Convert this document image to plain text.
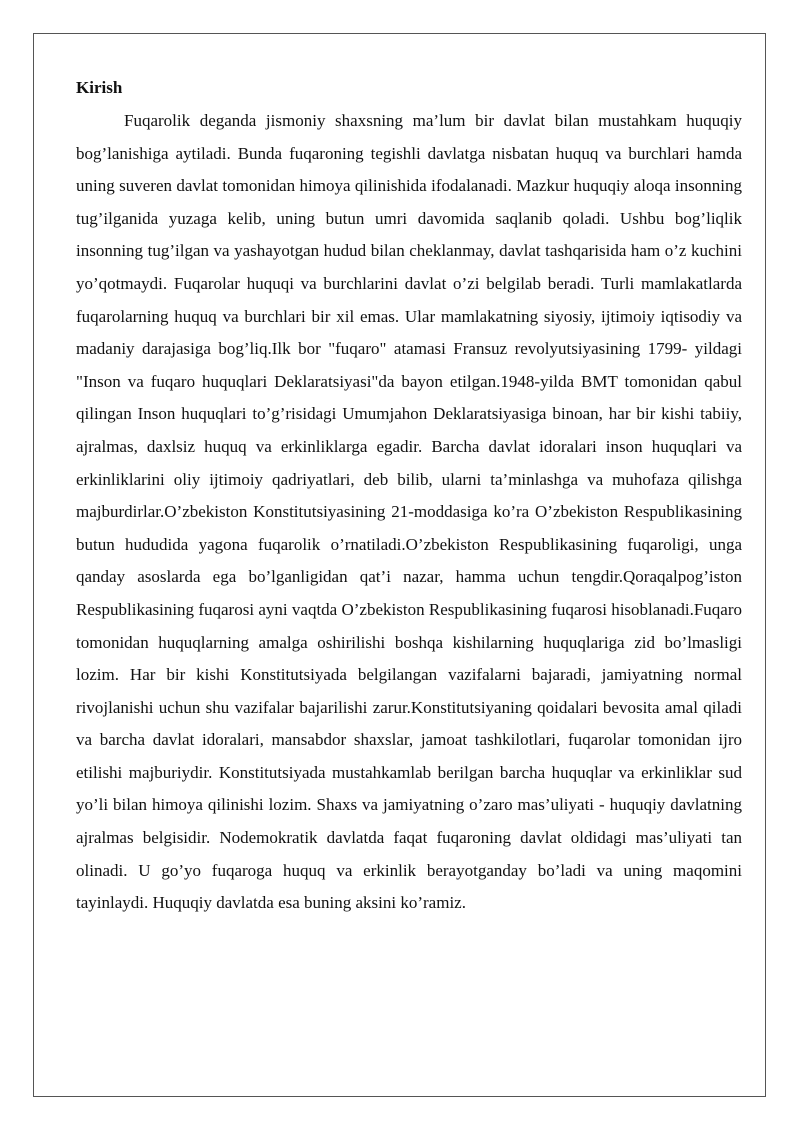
Kirish

Fuqarolik deganda jismoniy shaxsning ma’lum bir davlat bilan mustahkam huquqiy bog’lanishiga aytiladi. Bunda fuqaroning tegishli davlatga nisbatan huquq va burchlari hamda uning suveren davlat tomonidan himoya qilinishida ifodalanadi. Mazkur huquqiy aloqa insonning tug’ilganida yuzaga kelib, uning butun umri davomida saqlanib qoladi. Ushbu bog’liqlik insonning tug’ilgan va yashayotgan hudud bilan cheklanmay, davlat tashqarisida ham o’z kuchini yo’qotmaydi. Fuqarolar huquqi va burchlarini davlat o’zi belgilab beradi. Turli mamlakatlarda fuqarolarning huquq va burchlari bir xil emas. Ular mamlakatning siyosiy, ijtimoiy iqtisodiy va madaniy darajasiga bog’liq.Ilk bor "fuqaro" atamasi Fransuz revolyutsiyasining 1799- yildagi "Inson va fuqaro huquqlari Deklaratsiyasi"da bayon etilgan.1948-yilda BMT tomonidan qabul qilingan Inson huquqlari to’g’risidagi Umumjahon Deklaratsiyasiga binoan, har bir kishi tabiiy, ajralmas, daxlsiz huquq va erkinliklarga egadir. Barcha davlat idoralari inson huquqlari va erkinliklarini oliy ijtimoiy qadriyatlari, deb bilib, ularni ta’minlashga va muhofaza qilishga majburdirlar.O’zbekiston Konstitutsiyasining 21-moddasiga ko’ra O’zbekiston Respublikasining butun hududida yagona fuqarolik o’rnatiladi.O’zbekiston Respublikasining fuqaroligi, unga qanday asoslarda ega bo’lganligidan qat’i nazar, hamma uchun tengdir.Qoraqalpog’iston Respublikasining fuqarosi ayni vaqtda O’zbekiston Respublikasining fuqarosi hisoblanadi.Fuqaro tomonidan huquqlarning amalga oshirilishi boshqa kishilarning huquqlariga zid bo’lmasligi lozim. Har bir kishi Konstitutsiyada belgilangan vazifalarni bajaradi, jamiyatning normal rivojlanishi uchun shu vazifalar bajarilishi zarur.Konstitutsiyaning qoidalari bevosita amal qiladi va barcha davlat idoralari, mansabdor shaxslar, jamoat tashkilotlari, fuqarolar tomonidan ijro etilishi majburiydir. Konstitutsiyada mustahkamlab berilgan barcha huquqlar va erkinliklar sud yo’li bilan himoya qilinishi lozim. Shaxs va jamiyatning o’zaro mas’uliyati - huquqiy davlatning ajralmas belgisidir. Nodemokratik davlatda faqat fuqaroning davlat oldidagi mas’uliyati tan olinadi. U go’yo fuqaroga huquq va erkinlik berayotganday bo’ladi va uning maqomini tayinlaydi. Huquqiy davlatda esa buning aksini ko’ramiz.
